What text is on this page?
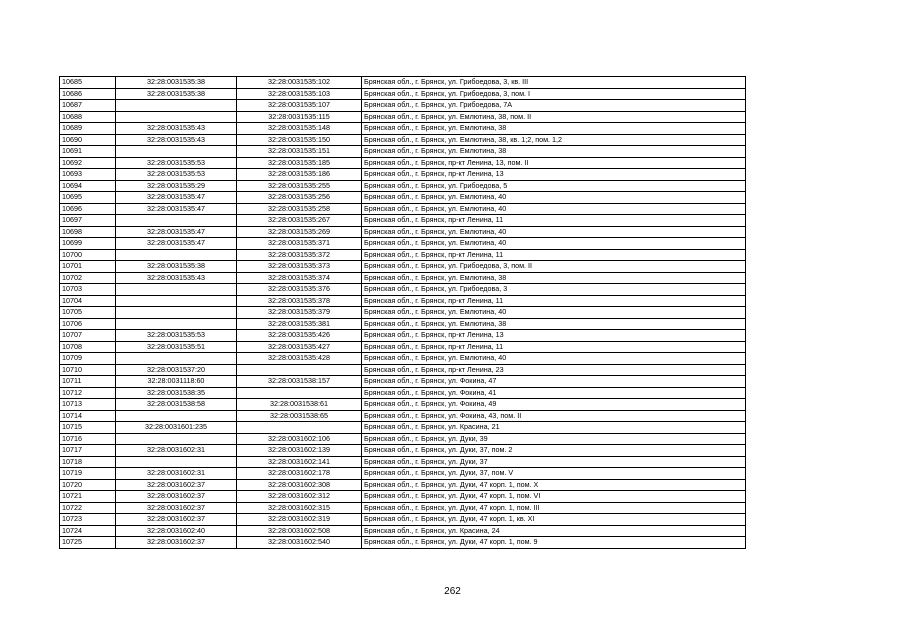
10685	32:28:0031535:38	32:28:0031535:102	Брянская обл., г. Брянск, ул. Грибоедова, 3, кв. III
10686	32:28:0031535:38	32:28:0031535:103	Брянская обл., г. Брянск, ул. Грибоедова, 3, пом. I
10687		32:28:0031535:107	Брянская обл., г. Брянск, ул. Грибоедова, 7А
10688		32:28:0031535:115	Брянская обл., г. Брянск, ул. Емлютина, 38, пом. II
10689	32:28:0031535:43	32:28:0031535:148	Брянская обл., г. Брянск, ул. Емлютина, 38
10690	32:28:0031535:43	32:28:0031535:150	Брянская обл., г. Брянск, ул. Емлютина, 38, кв. 1;2, пом. 1,2
10691		32:28:0031535:151	Брянская обл., г. Брянск, ул. Емлютина, 38
10692	32:28:0031535:53	32:28:0031535:185	Брянская обл., г. Брянск, пр-кт Ленина, 13, пом. II
10693	32:28:0031535:53	32:28:0031535:186	Брянская обл., г. Брянск, пр-кт Ленина, 13
10694	32:28:0031535:29	32:28:0031535:255	Брянская обл., г. Брянск, ул. Грибоедова, 5
10695	32:28:0031535:47	32:28:0031535:256	Брянская обл., г. Брянск, ул. Емлютина, 40
10696	32:28:0031535:47	32:28:0031535:258	Брянская обл., г. Брянск, ул. Емлютина, 40
10697		32:28:0031535:267	Брянская обл., г. Брянск, пр-кт Ленина, 11
10698	32:28:0031535:47	32:28:0031535:269	Брянская обл., г. Брянск, ул. Емлютина, 40
10699	32:28:0031535:47	32:28:0031535:371	Брянская обл., г. Брянск, ул. Емлютина, 40
10700		32:28:0031535:372	Брянская обл., г. Брянск, пр-кт Ленина, 11
10701	32:28:0031535:38	32:28:0031535:373	Брянская обл., г. Брянск, ул. Грибоедова, 3, пом. II
10702	32:28:0031535:43	32:28:0031535:374	Брянская обл., г. Брянск, ул. Емлютина, 38
10703		32:28:0031535:376	Брянская обл., г. Брянск, ул. Грибоедова, 3
10704		32:28:0031535:378	Брянская обл., г. Брянск, пр-кт Ленина, 11
10705		32:28:0031535:379	Брянская обл., г. Брянск, ул. Емлютина, 40
10706		32:28:0031535:381	Брянская обл., г. Брянск, ул. Емлютина, 38
10707	32:28:0031535:53	32:28:0031535:426	Брянская обл., г. Брянск, пр-кт Ленина, 13
10708	32:28:0031535:51	32:28:0031535:427	Брянская обл., г. Брянск, пр-кт Ленина, 11
10709		32:28:0031535:428	Брянская обл., г. Брянск, ул. Емлютина, 40
10710	32:28:0031537:20		Брянская обл., г. Брянск, пр-кт Ленина, 23
10711	32:28:0031118:60	32:28:0031538:157	Брянская обл., г. Брянск, ул. Фокина, 47
10712	32:28:0031538:35		Брянская обл., г. Брянск, ул. Фокина, 41
10713	32:28:0031538:58	32:28:0031538:61	Брянская обл., г. Брянск, ул. Фокина, 49
10714		32:28:0031538:65	Брянская обл., г. Брянск, ул. Фокина, 43, пом. II
10715	32:28:0031601:235		Брянская обл., г. Брянск, ул. Красина, 21
10716		32:28:0031602:106	Брянская обл., г. Брянск, ул. Дуки, 39
10717	32:28:0031602:31	32:28:0031602:139	Брянская обл., г. Брянск, ул. Дуки, 37, пом. 2
10718		32:28:0031602:141	Брянская обл., г. Брянск, ул. Дуки, 37
10719	32:28:0031602:31	32:28:0031602:178	Брянская обл., г. Брянск, ул. Дуки, 37, пом. V
10720	32:28:0031602:37	32:28:0031602:308	Брянская обл., г. Брянск, ул. Дуки, 47 корп. 1, пом. X
10721	32:28:0031602:37	32:28:0031602:312	Брянская обл., г. Брянск, ул. Дуки, 47 корп. 1, пом. VI
10722	32:28:0031602:37	32:28:0031602:315	Брянская обл., г. Брянск, ул. Дуки, 47 корп. 1, пом. III
10723	32:28:0031602:37	32:28:0031602:319	Брянская обл., г. Брянск, ул. Дуки, 47 корп. 1, кв. XI
10724	32:28:0031602:40	32:28:0031602:508	Брянская обл., г. Брянск, ул. Красина, 24
10725	32:28:0031602:37	32:28:0031602:540	Брянская обл., г. Брянск, ул. Дуки, 47 корп. 1, пом. 9
262
